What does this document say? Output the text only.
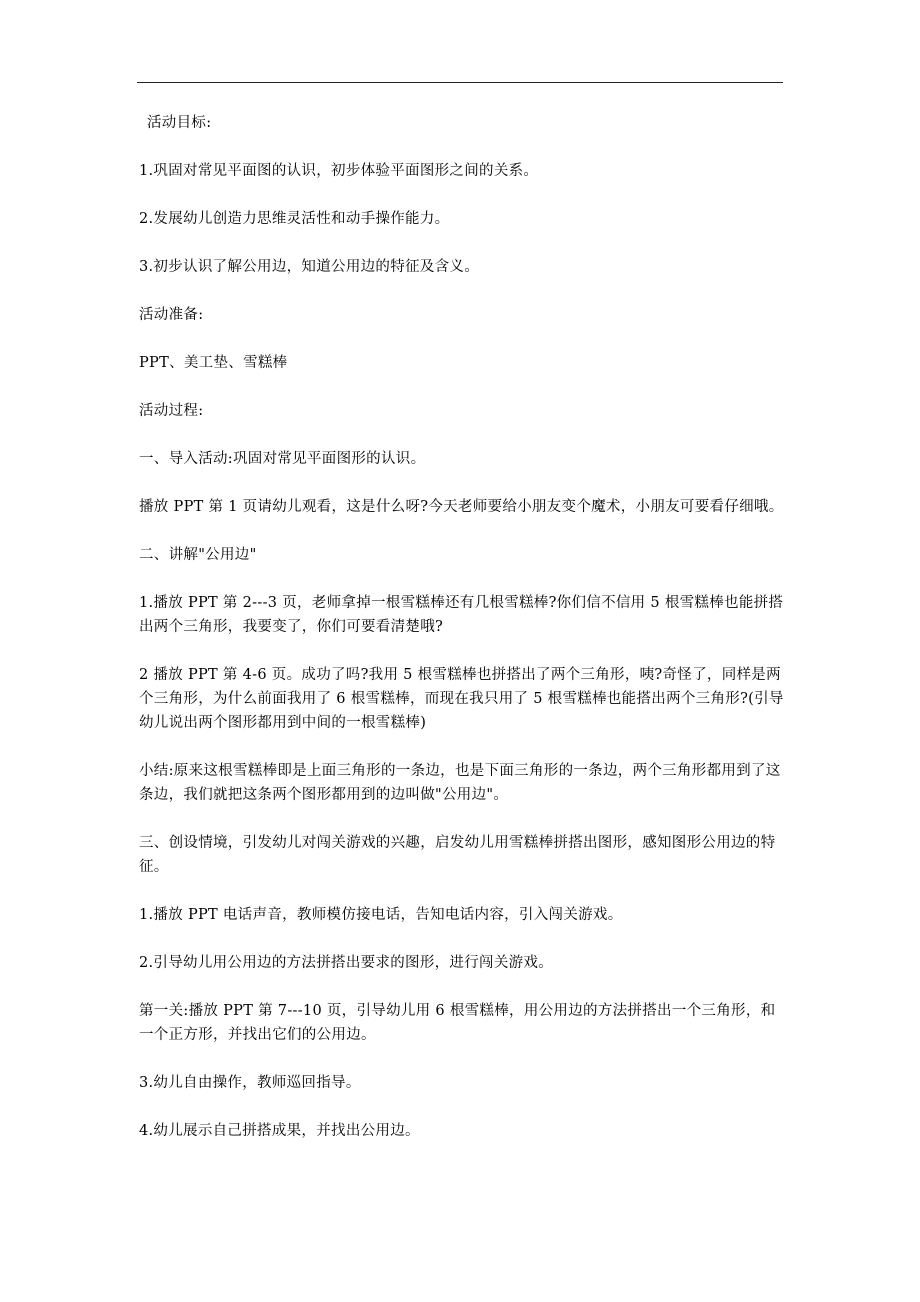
活动目标:

1.巩固对常见平面图的认识，初步体验平面图形之间的关系。

2.发展幼儿创造力思维灵活性和动手操作能力。

3.初步认识了解公用边，知道公用边的特征及含义。

活动准备:

PPT、美工垫、雪糕棒

活动过程:

一、导入活动:巩固对常见平面图形的认识。

播放 PPT 第 1 页请幼儿观看，这是什么呀?今天老师要给小朋友变个魔术，小朋友可要看仔细哦。

二、讲解"公用边"

1.播放 PPT 第 2---3 页，老师拿掉一根雪糕棒还有几根雪糕棒?你们信不信用 5 根雪糕棒也能拼搭出两个三角形，我要变了，你们可要看清楚哦?

2 播放 PPT 第 4-6 页。成功了吗?我用 5 根雪糕棒也拼搭出了两个三角形，咦?奇怪了，同样是两个三角形，为什么前面我用了 6 根雪糕棒，而现在我只用了 5 根雪糕棒也能搭出两个三角形?(引导幼儿说出两个图形都用到中间的一根雪糕棒)

小结:原来这根雪糕棒即是上面三角形的一条边，也是下面三角形的一条边，两个三角形都用到了这条边，我们就把这条两个图形都用到的边叫做"公用边"。

三、创设情境，引发幼儿对闯关游戏的兴趣，启发幼儿用雪糕棒拼搭出图形，感知图形公用边的特征。

1.播放 PPT 电话声音，教师模仿接电话，告知电话内容，引入闯关游戏。

2.引导幼儿用公用边的方法拼搭出要求的图形，进行闯关游戏。

第一关:播放 PPT 第 7---10 页，引导幼儿用 6 根雪糕棒，用公用边的方法拼搭出一个三角形，和一个正方形，并找出它们的公用边。

3.幼儿自由操作，教师巡回指导。

4.幼儿展示自己拼搭成果，并找出公用边。
